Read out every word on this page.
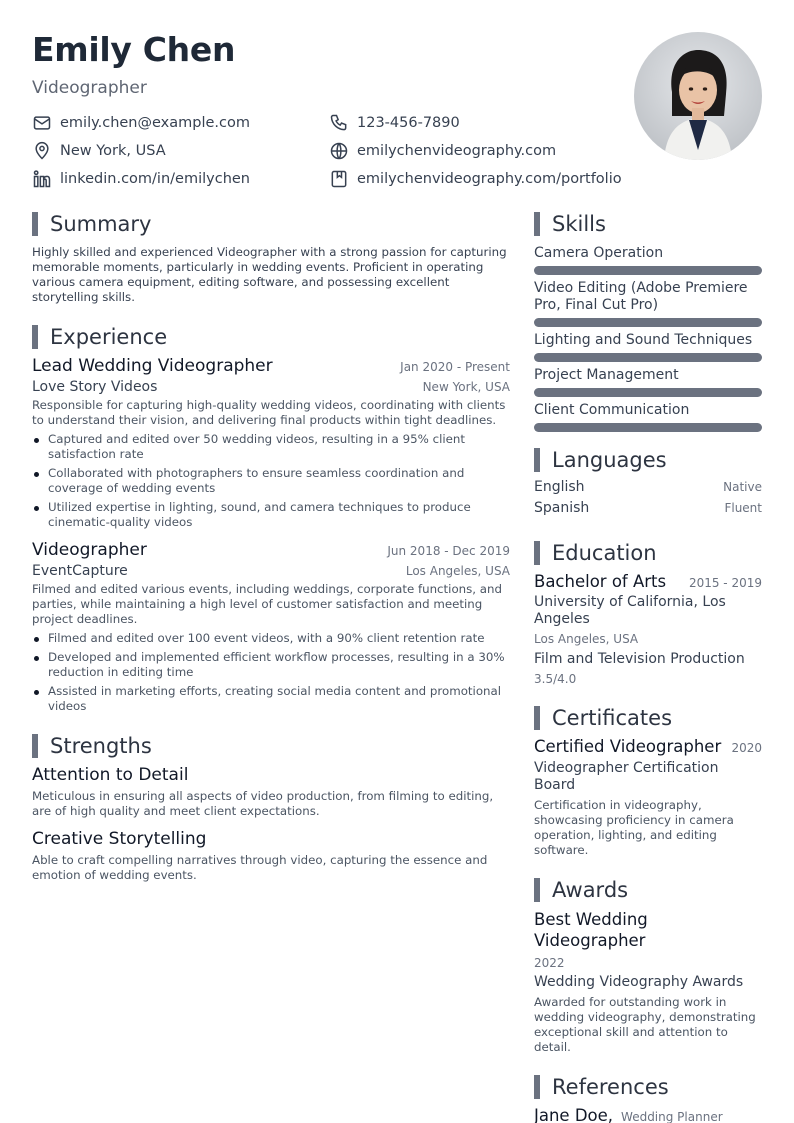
Emily Chen
Videographer
emily.chen@example.com	123-456-7890
New York, USA	emilychenvideography.com
linkedin.com/in/emilychen	emilychenvideography.com/portfolio
Summary
Highly skilled and experienced Videographer with a strong passion for capturing memorable moments, particularly in wedding events. Proficient in operating various camera equipment, editing software, and possessing excellent storytelling skills.
Experience
Lead Wedding Videographer	Jan 2020 - Present
Love Story Videos	New York, USA
Responsible for capturing high-quality wedding videos, coordinating with clients to understand their vision, and delivering final products within tight deadlines.
Captured and edited over 50 wedding videos, resulting in a 95% client satisfaction rate
Collaborated with photographers to ensure seamless coordination and coverage of wedding events
Utilized expertise in lighting, sound, and camera techniques to produce cinematic-quality videos
Videographer	Jun 2018 - Dec 2019
EventCapture	Los Angeles, USA
Filmed and edited various events, including weddings, corporate functions, and parties, while maintaining a high level of customer satisfaction and meeting project deadlines.
Filmed and edited over 100 event videos, with a 90% client retention rate
Developed and implemented efficient workflow processes, resulting in a 30% reduction in editing time
Assisted in marketing efforts, creating social media content and promotional videos
Strengths
Attention to Detail
Meticulous in ensuring all aspects of video production, from filming to editing, are of high quality and meet client expectations.
Creative Storytelling
Able to craft compelling narratives through video, capturing the essence and emotion of wedding events.
Skills
Camera Operation
Video Editing (Adobe Premiere Pro, Final Cut Pro)
Lighting and Sound Techniques
Project Management
Client Communication
Languages
English	Native
Spanish	Fluent
Education
Bachelor of Arts 2015 - 2019
University of California, Los Angeles
Los Angeles, USA
Film and Television Production
3.5/4.0
Certificates
Certified Videographer 2020
Videographer Certification Board
Certification in videography, showcasing proficiency in camera operation, lighting, and editing software.
Awards
Best Wedding Videographer
2022
Wedding Videography Awards
Awarded for outstanding work in wedding videography, demonstrating exceptional skill and attention to detail.
References
Jane Doe, Wedding Planner
